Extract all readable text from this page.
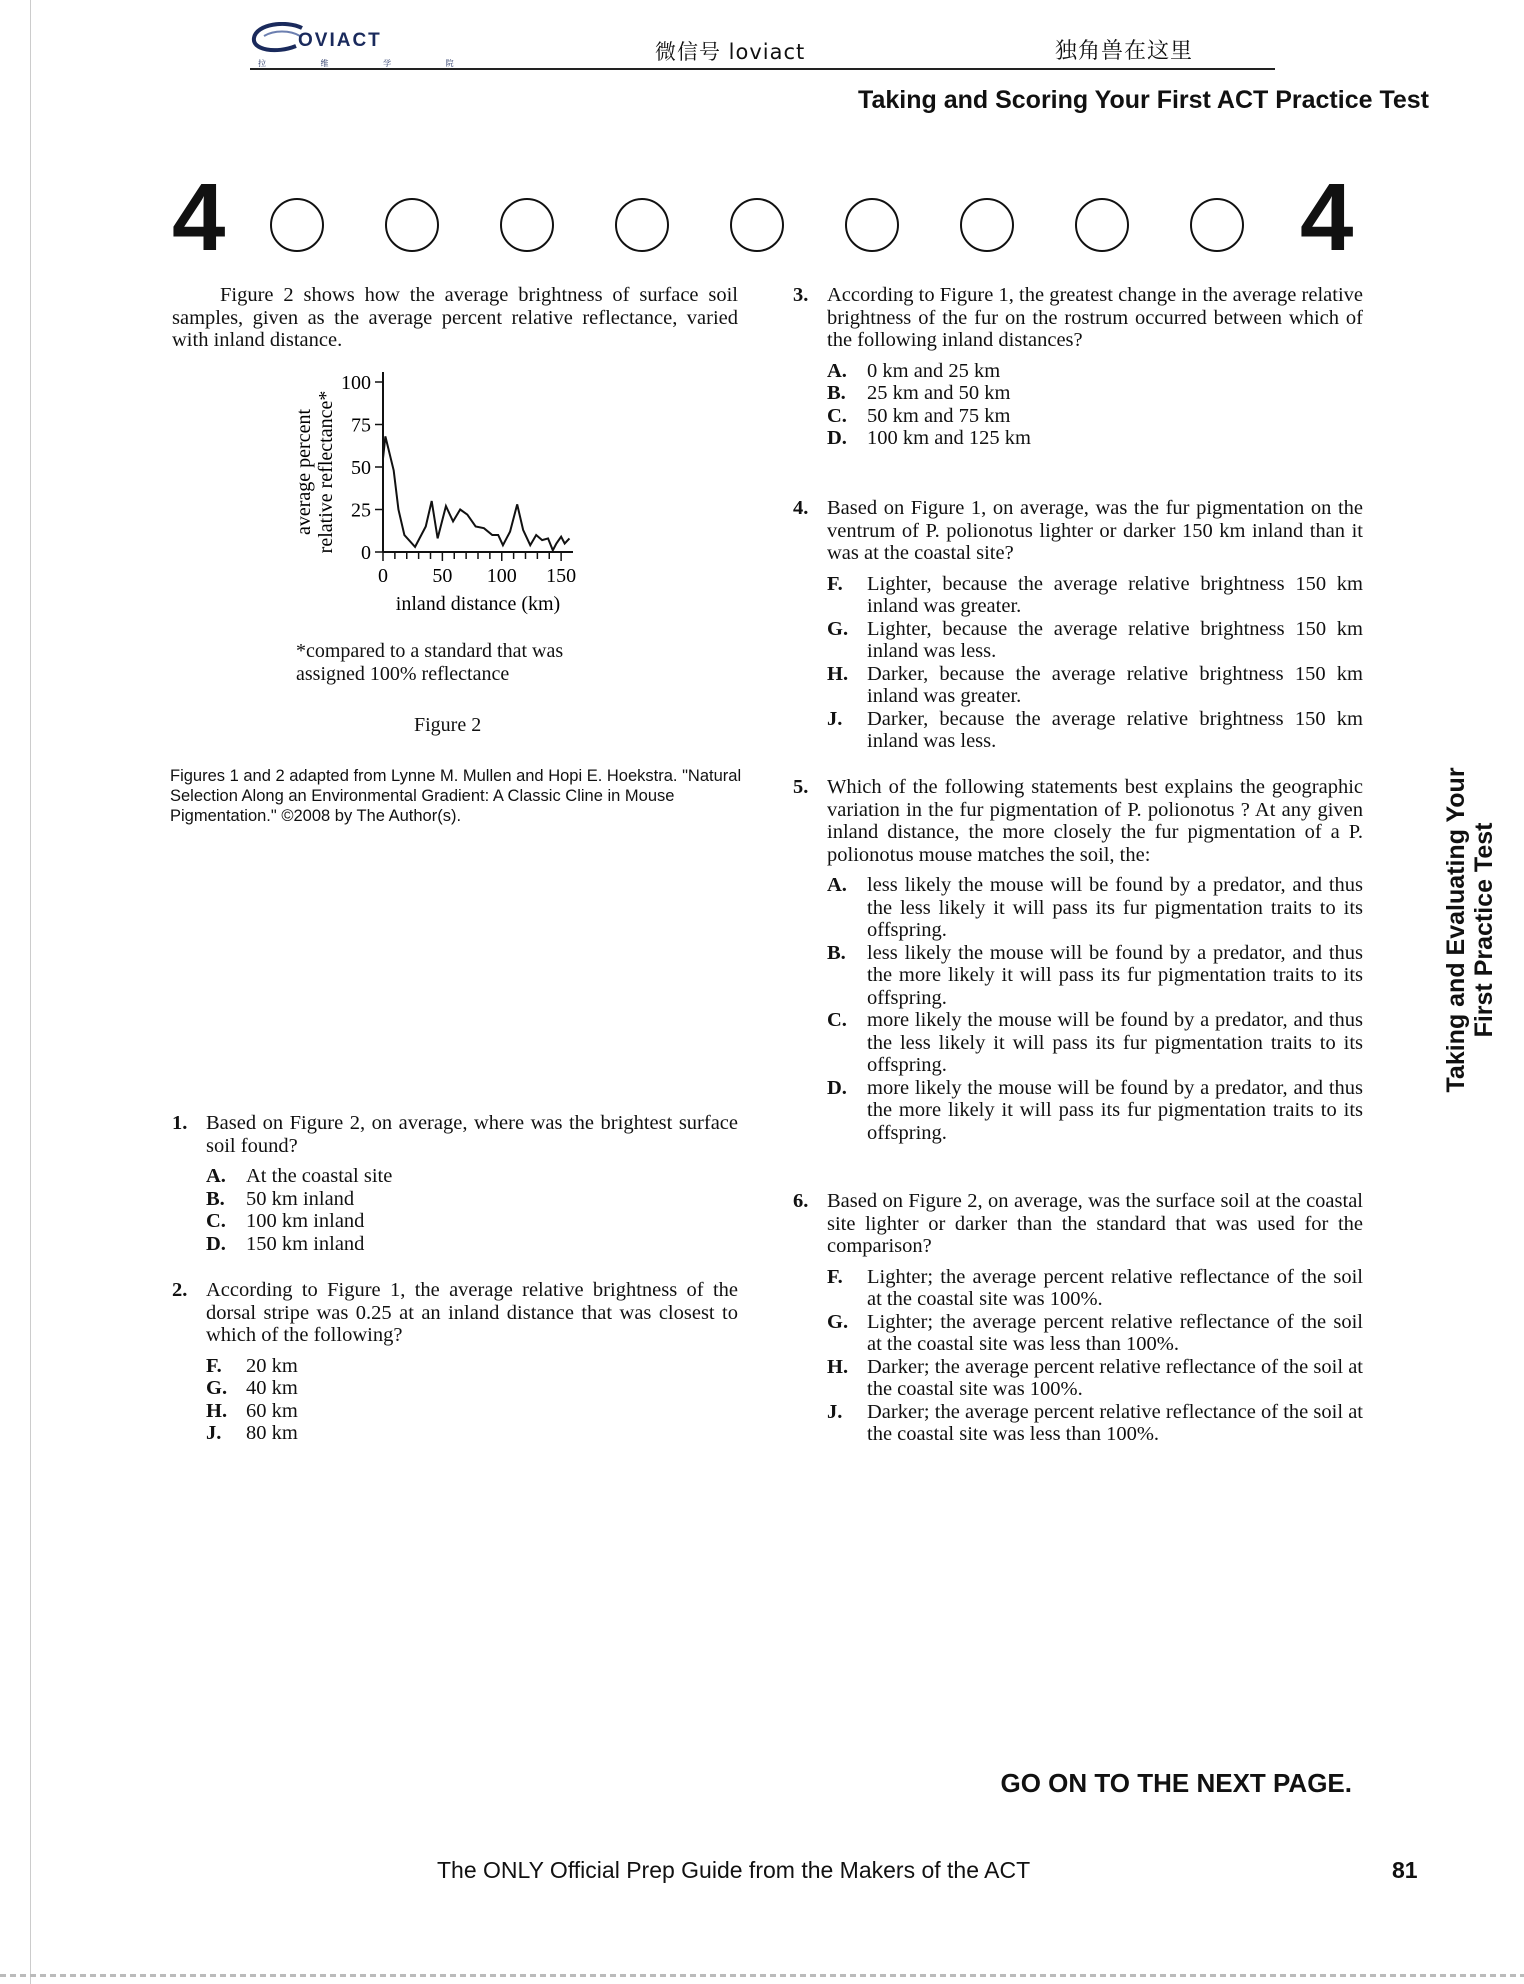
OVIACT
拉 维 学 院	微信号 loviact	独角兽在这里
Taking and Scoring Your First ACT Practice Test
4	4

Figure 2 shows how the average brightness of surface soil samples, given as the average percent relative reflectance, varied with inland distance.

0 50 100 150
0
25
50
75
100
inland distance (km)
average percent relative reflectance*

*compared to a standard that was assigned 100% reflectance

Figure 2

Figures 1 and 2 adapted from Lynne M. Mullen and Hopi E. Hoekstra. "Natural Selection Along an Environmental Gradient: A Classic Cline in Mouse Pigmentation." ©2008 by The Author(s).

1. Based on Figure 2, on average, where was the brightest surface soil found?

A. At the coastal site
B. 50 km inland
C. 100 km inland
D. 150 km inland
2. According to Figure 1, the average relative brightness of the dorsal stripe was 0.25 at an inland distance that was closest to which of the following?

F. 20 km
G. 40 km
H. 60 km
J. 80 km
3. According to Figure 1, the greatest change in the average relative brightness of the fur on the rostrum occurred between which of the following inland distances?

A. 0 km and 25 km
B. 25 km and 50 km
C. 50 km and 75 km
D. 100 km and 125 km
4. Based on Figure 1, on average, was the fur pigmentation on the ventrum of P. polionotus lighter or darker 150 km inland than it was at the coastal site?

F. Lighter, because the average relative brightness 150 km inland was greater.
G. Lighter, because the average relative brightness 150 km inland was less.
H. Darker, because the average relative brightness 150 km inland was greater.
J. Darker, because the average relative brightness 150 km inland was less.
5. Which of the following statements best explains the geographic variation in the fur pigmentation of P. polionotus ? At any given inland distance, the more closely the fur pigmentation of a P. polionotus mouse matches the soil, the:

A. less likely the mouse will be found by a predator, and thus the less likely it will pass its fur pigmentation traits to its offspring.
B. less likely the mouse will be found by a predator, and thus the more likely it will pass its fur pigmentation traits to its offspring.
C. more likely the mouse will be found by a predator, and thus the less likely it will pass its fur pigmentation traits to its offspring.
D. more likely the mouse will be found by a predator, and thus the more likely it will pass its fur pigmentation traits to its offspring.
6. Based on Figure 2, on average, was the surface soil at the coastal site lighter or darker than the standard that was used for the comparison?

F. Lighter; the average percent relative reflectance of the soil at the coastal site was 100%.
G. Lighter; the average percent relative reflectance of the soil at the coastal site was less than 100%.
H. Darker; the average percent relative reflectance of the soil at the coastal site was 100%.
J. Darker; the average percent relative reflectance of the soil at the coastal site was less than 100%.
Taking and Evaluating Your First Practice Test
GO ON TO THE NEXT PAGE.
The ONLY Official Prep Guide from the Makers of the ACT	81
